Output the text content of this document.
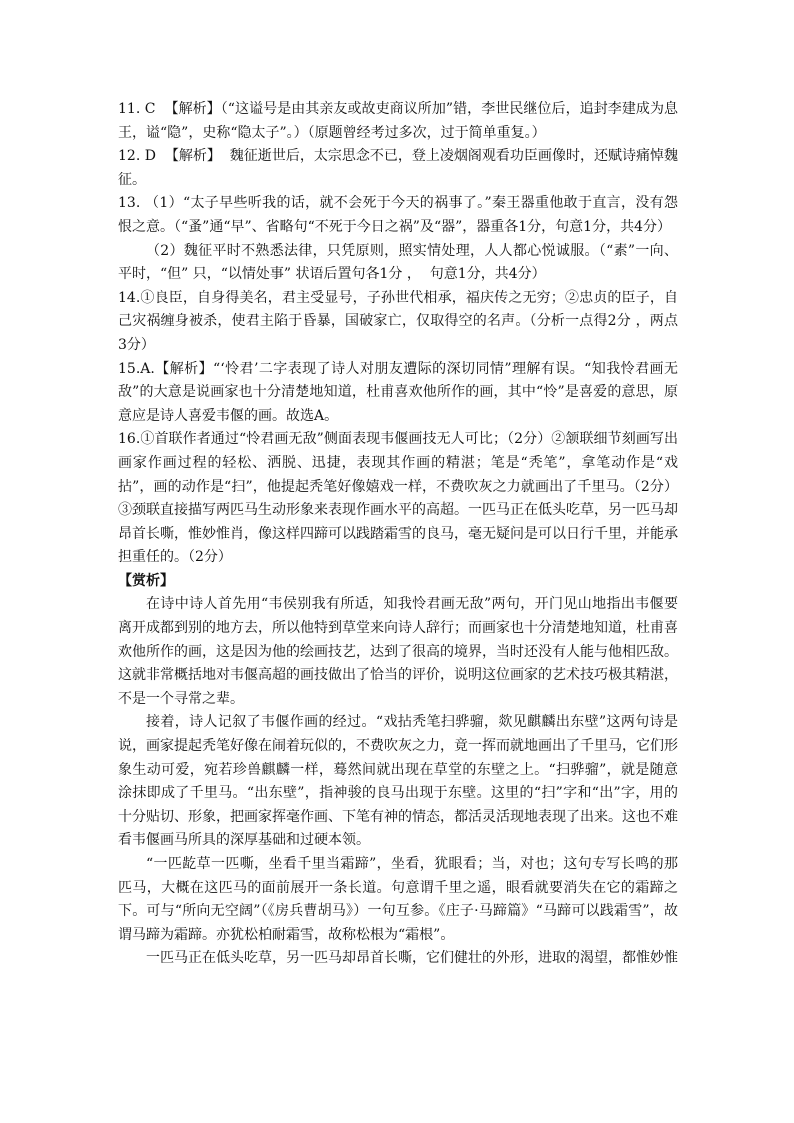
11. C  【解析】（“这谥号是由其亲友或故吏商议所加”错，李世民继位后，追封李建成为息王，谥“隐”，史称“隐太子”。）（原题曾经考过多次，过于简单重复。）

12. D  【解析】  魏征逝世后，太宗思念不已，登上凌烟阁观看功臣画像时，还赋诗痛悼魏征。

13. （1）“太子早些听我的话，就不会死于今天的祸事了。”秦王器重他敢于直言，没有怨恨之意。（“蚤”通“早”、省略句“不死于今日之祸”及“器”，器重各1分，句意1分，共4分）

（2）魏征平时不熟悉法律，只凭原则，照实情处理，人人都心悦诚服。（“素”一向、平时，“但” 只，“以情处事” 状语后置句各1分 ，  句意1分，共4分）

14.①良臣，自身得美名，君主受显号，子孙世代相承，福庆传之无穷；②忠贞的臣子，自己灾祸缠身被杀，使君主陷于昏暴，国破家亡，仅取得空的名声。（分析一点得2分 ，两点3分）

15.A.【解析】“‘怜君’二字表现了诗人对朋友遭际的深切同情”理解有误。“知我怜君画无敌”的大意是说画家也十分清楚地知道，杜甫喜欢他所作的画，其中“怜”是喜爱的意思，原意应是诗人喜爱韦偃的画。故选A。

16.①首联作者通过“怜君画无敌”侧面表现韦偃画技无人可比；（2分）②颔联细节刻画写出画家作画过程的轻松、洒脱、迅捷，表现其作画的精湛；笔是“秃笔”，拿笔动作是“戏拈”，画的动作是“扫”，他提起秃笔好像嬉戏一样，不费吹灰之力就画出了千里马。（2分）③颈联直接描写两匹马生动形象来表现作画水平的高超。一匹马正在低头吃草，另一匹马却昂首长嘶，惟妙惟肖，像这样四蹄可以践踏霜雪的良马，毫无疑问是可以日行千里，并能承担重任的。（2分）

【赏析】

在诗中诗人首先用“韦侯别我有所适，知我怜君画无敌”两句，开门见山地指出韦偃要离开成都到别的地方去，所以他特到草堂来向诗人辞行；而画家也十分清楚地知道，杜甫喜欢他所作的画，这是因为他的绘画技艺，达到了很高的境界，当时还没有人能与他相匹敌。这就非常概括地对韦偃高超的画技做出了恰当的评价，说明这位画家的艺术技巧极其精湛，不是一个寻常之辈。

接着，诗人记叙了韦偃作画的经过。“戏拈秃笔扫骅骝，欻见麒麟出东壁”这两句诗是说，画家提起秃笔好像在闹着玩似的，不费吹灰之力，竟一挥而就地画出了千里马，它们形象生动可爱，宛若珍兽麒麟一样，蓦然间就出现在草堂的东壁之上。“扫骅骝”，就是随意涂抹即成了千里马。“出东壁”，指神骏的良马出现于东壁。这里的“扫”字和“出”字，用的十分贴切、形象，把画家挥毫作画、下笔有神的情态，都活灵活现地表现了出来。这也不难看韦偃画马所具的深厚基础和过硬本领。

“一匹龁草一匹嘶，坐看千里当霜蹄”，坐看，犹眼看；当，对也；这句专写长鸣的那匹马，大概在这匹马的面前展开一条长道。句意谓千里之遥，眼看就要消失在它的霜蹄之下。可与“所向无空阔”（《房兵曹胡马》）一句互参。《庄子·马蹄篇》“马蹄可以践霜雪”，故谓马蹄为霜蹄。亦犹松柏耐霜雪，故称松根为“霜根”。

一匹马正在低头吃草，另一匹马却昂首长嘶，它们健壮的外形，进取的渴望，都惟妙惟
